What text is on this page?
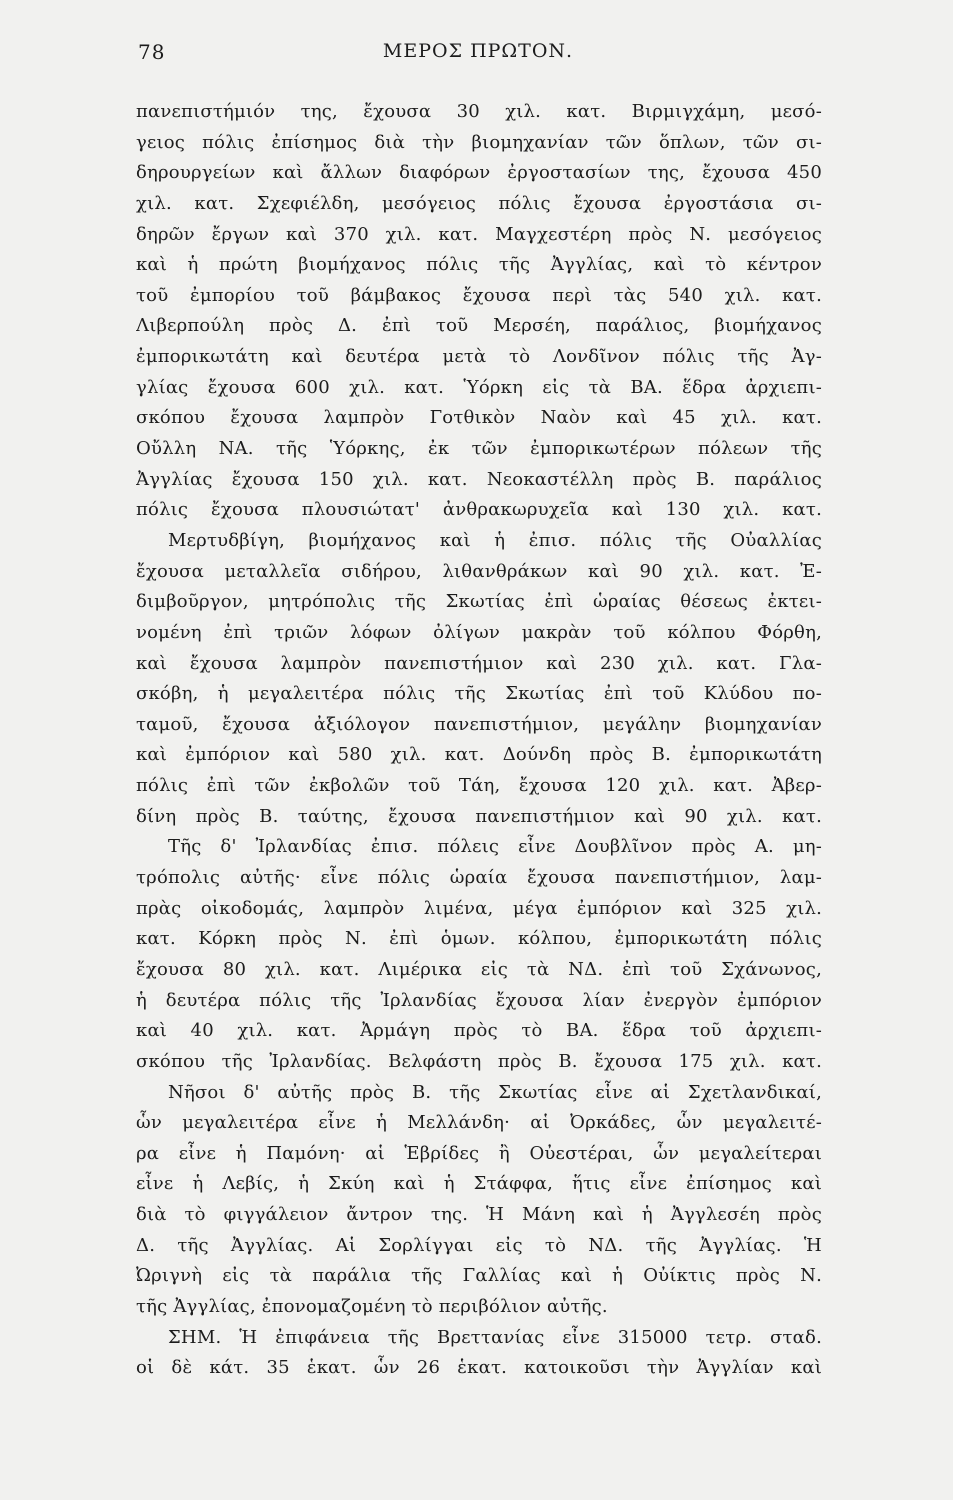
78	ΜΕΡΟΣ ΠΡΩΤΟΝ.
πανεπιστήμιόν της, ἔχουσα 30 χιλ. κατ. Βιρμιγχάμη, μεσό-
γειος πόλις ἐπίσημος διὰ τὴν βιομηχανίαν τῶν ὅπλων, τῶν σι-
δηρουργείων καὶ ἄλλων διαφόρων ἐργοστασίων της, ἔχουσα 450
χιλ. κατ. Σχεφιέλδη, μεσόγειος πόλις ἔχουσα ἐργοστάσια σι-
δηρῶν ἔργων καὶ 370 χιλ. κατ. Μαγχεστέρη πρὸς Ν. μεσόγειος
καὶ ἡ πρώτη βιομήχανος πόλις τῆς Ἀγγλίας, καὶ τὸ κέντρον
τοῦ ἐμπορίου τοῦ βάμβακος ἔχουσα περὶ τὰς 540 χιλ. κατ.
Λιβερπούλη πρὸς Δ. ἐπὶ τοῦ Μερσέη, παράλιος, βιομήχανος
ἐμπορικωτάτη καὶ δευτέρα μετὰ τὸ Λονδῖνον πόλις τῆς Ἀγ-
γλίας ἔχουσα 600 χιλ. κατ. Ὑόρκη εἰς τὰ ΒΑ. ἕδρα ἀρχιεπι-
σκόπου ἔχουσα λαμπρὸν Γοτθικὸν Ναὸν καὶ 45 χιλ. κατ.
Οὔλλη ΝΑ. τῆς Ὑόρκης, ἐκ τῶν ἐμπορικωτέρων πόλεων τῆς
Ἀγγλίας ἔχουσα 150 χιλ. κατ. Νεοκαστέλλη πρὸς Β. παράλιος
πόλις ἔχουσα πλουσιώτατ' ἀνθρακωρυχεῖα καὶ 130 χιλ. κατ.
Μερτυδβίγη, βιομήχανος καὶ ἡ ἐπισ. πόλις τῆς Οὐαλλίας
ἔχουσα μεταλλεῖα σιδήρου, λιθανθράκων καὶ 90 χιλ. κατ. Ἐ-
διμβοῦργον, μητρόπολις τῆς Σκωτίας ἐπὶ ὡραίας θέσεως ἐκτει-
νομένη ἐπὶ τριῶν λόφων ὀλίγων μακρὰν τοῦ κόλπου Φόρθη,
καὶ ἔχουσα λαμπρὸν πανεπιστήμιον καὶ 230 χιλ. κατ. Γλα-
σκόβη, ἡ μεγαλειτέρα πόλις τῆς Σκωτίας ἐπὶ τοῦ Κλύδου πο-
ταμοῦ, ἔχουσα ἀξιόλογον πανεπιστήμιον, μεγάλην βιομηχανίαν
καὶ ἐμπόριον καὶ 580 χιλ. κατ. Δούνδη πρὸς Β. ἐμπορικωτάτη
πόλις ἐπὶ τῶν ἐκβολῶν τοῦ Τάη, ἔχουσα 120 χιλ. κατ. Ἀβερ-
δίνη πρὸς Β. ταύτης, ἔχουσα πανεπιστήμιον καὶ 90 χιλ. κατ.
Τῆς δ' Ἰρλανδίας ἐπισ. πόλεις εἶνε Δουβλῖνον πρὸς Α. μη-
τρόπολις αὐτῆς· εἶνε πόλις ὡραία ἔχουσα πανεπιστήμιον, λαμ-
πρὰς οἰκοδομάς, λαμπρὸν λιμένα, μέγα ἐμπόριον καὶ 325 χιλ.
κατ. Κόρκη πρὸς Ν. ἐπὶ ὁμων. κόλπου, ἐμπορικωτάτη πόλις
ἔχουσα 80 χιλ. κατ. Λιμέρικα εἰς τὰ ΝΔ. ἐπὶ τοῦ Σχάνωνος,
ἡ δευτέρα πόλις τῆς Ἰρλανδίας ἔχουσα λίαν ἐνεργὸν ἐμπόριον
καὶ 40 χιλ. κατ. Ἀρμάγη πρὸς τὸ ΒΑ. ἕδρα τοῦ ἀρχιεπι-
σκόπου τῆς Ἰρλανδίας. Βελφάστη πρὸς Β. ἔχουσα 175 χιλ. κατ.
Νῆσοι δ' αὐτῆς πρὸς Β. τῆς Σκωτίας εἶνε αἱ Σχετλανδικαί,
ὧν μεγαλειτέρα εἶνε ἡ Μελλάνδη· αἱ Ὀρκάδες, ὧν μεγαλειτέ-
ρα εἶνε ἡ Παμόνη· αἱ Ἑβρίδες ἢ Οὐεστέραι, ὧν μεγαλείτεραι
εἶνε ἡ Λεβίς, ἡ Σκύη καὶ ἡ Στάφφα, ἥτις εἶνε ἐπίσημος καὶ
διὰ τὸ φιγγάλειον ἄντρον της. Ἡ Μάνη καὶ ἡ Ἀγγλεσέη πρὸς
Δ. τῆς Ἀγγλίας. Αἱ Σορλίγγαι εἰς τὸ ΝΔ. τῆς Ἀγγλίας. Ἡ
Ὠριγνὴ εἰς τὰ παράλια τῆς Γαλλίας καὶ ἡ Οὐίκτις πρὸς Ν.
τῆς Ἀγγλίας, ἐπονομαζομένη τὸ περιβόλιον αὐτῆς.
ΣΗΜ. Ἡ ἐπιφάνεια τῆς Βρεττανίας εἶνε 315000 τετρ. σταδ.
οἱ δὲ κάτ. 35 ἑκατ. ὧν 26 ἑκατ. κατοικοῦσι τὴν Ἀγγλίαν καὶ
